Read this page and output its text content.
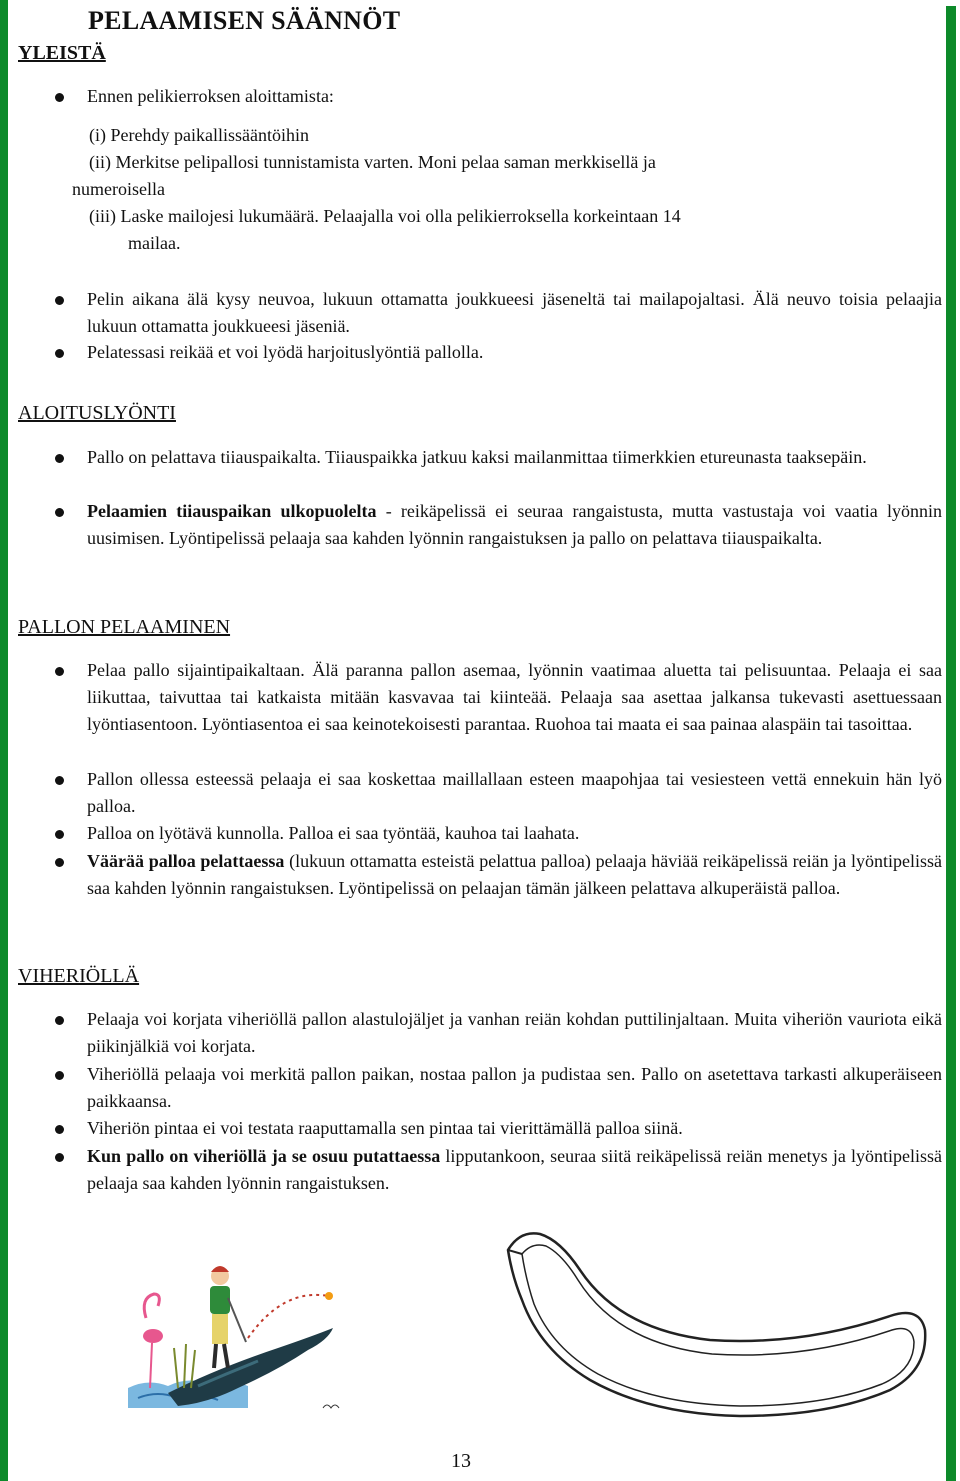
PELAAMISEN SÄÄNNÖT
YLEISTÄ
Ennen pelikierroksen aloittamista:
(i) Perehdy paikallissääntöihin
(ii) Merkitse pelipallosi tunnistamista varten. Moni pelaa saman merkkisellä ja
numeroisella
(iii) Laske mailojesi lukumäärä. Pelaajalla voi olla pelikierroksella korkeintaan 14
mailaa.
Pelin aikana älä kysy neuvoa, lukuun ottamatta joukkueesi jäseneltä tai mailapojaltasi. Älä neuvo toisia pelaajia lukuun ottamatta joukkueesi jäseniä.
Pelatessasi reikää et voi lyödä harjoituslyöntiä pallolla.
ALOITUSLYÖNTI
Pallo on pelattava tiiauspaikalta. Tiiauspaikka jatkuu kaksi mailanmittaa tiimerkkien etureunasta taaksepäin.
Pelaamien tiiauspaikan ulkopuolelta - reikäpelissä ei seuraa rangaistusta, mutta vastustaja voi vaatia lyönnin uusimisen. Lyöntipelissä pelaaja saa kahden lyönnin rangaistuksen ja pallo on pelattava tiiauspaikalta.
PALLON PELAAMINEN
Pelaa pallo sijaintipaikaltaan. Älä paranna pallon asemaa, lyönnin vaatimaa aluetta tai pelisuuntaa. Pelaaja ei saa liikuttaa, taivuttaa tai katkaista mitään kasvavaa tai kiinteää. Pelaaja saa asettaa jalkansa tukevasti asettuessaan lyöntiasentoon. Lyöntiasentoa ei saa keinotekoisesti parantaa. Ruohoa tai maata ei saa painaa alaspäin tai tasoittaa.
Pallon ollessa esteessä pelaaja ei saa koskettaa maillallaan esteen maapohjaa tai vesiesteen vettä ennekuin hän lyö palloa.
Palloa on lyötävä kunnolla. Palloa ei saa työntää, kauhoa tai laahata.
Väärää palloa pelattaessa (lukuun ottamatta esteistä pelattua palloa) pelaaja häviää reikäpelissä reiän ja lyöntipelissä saa kahden lyönnin rangaistuksen. Lyöntipelissä on pelaajan tämän jälkeen pelattava alkuperäistä palloa.
VIHERIÖLLÄ
Pelaaja voi korjata viheriöllä pallon alastulojäljet ja vanhan reiän kohdan puttilinjaltaan. Muita viheriön vauriota eikä piikinjälkiä voi korjata.
Viheriöllä pelaaja voi merkitä pallon paikan, nostaa pallon ja pudistaa sen. Pallo on asetettava tarkasti alkuperäiseen paikkaansa.
Viheriön pintaa ei voi testata raaputtamalla sen pintaa tai vierittämällä palloa siinä.
Kun pallo on viheriöllä ja se osuu putattaessa lipputankoon, seuraa siitä reikäpelissä reiän menetys ja lyöntipelissä pelaaja saa kahden lyönnin rangaistuksen.
13
